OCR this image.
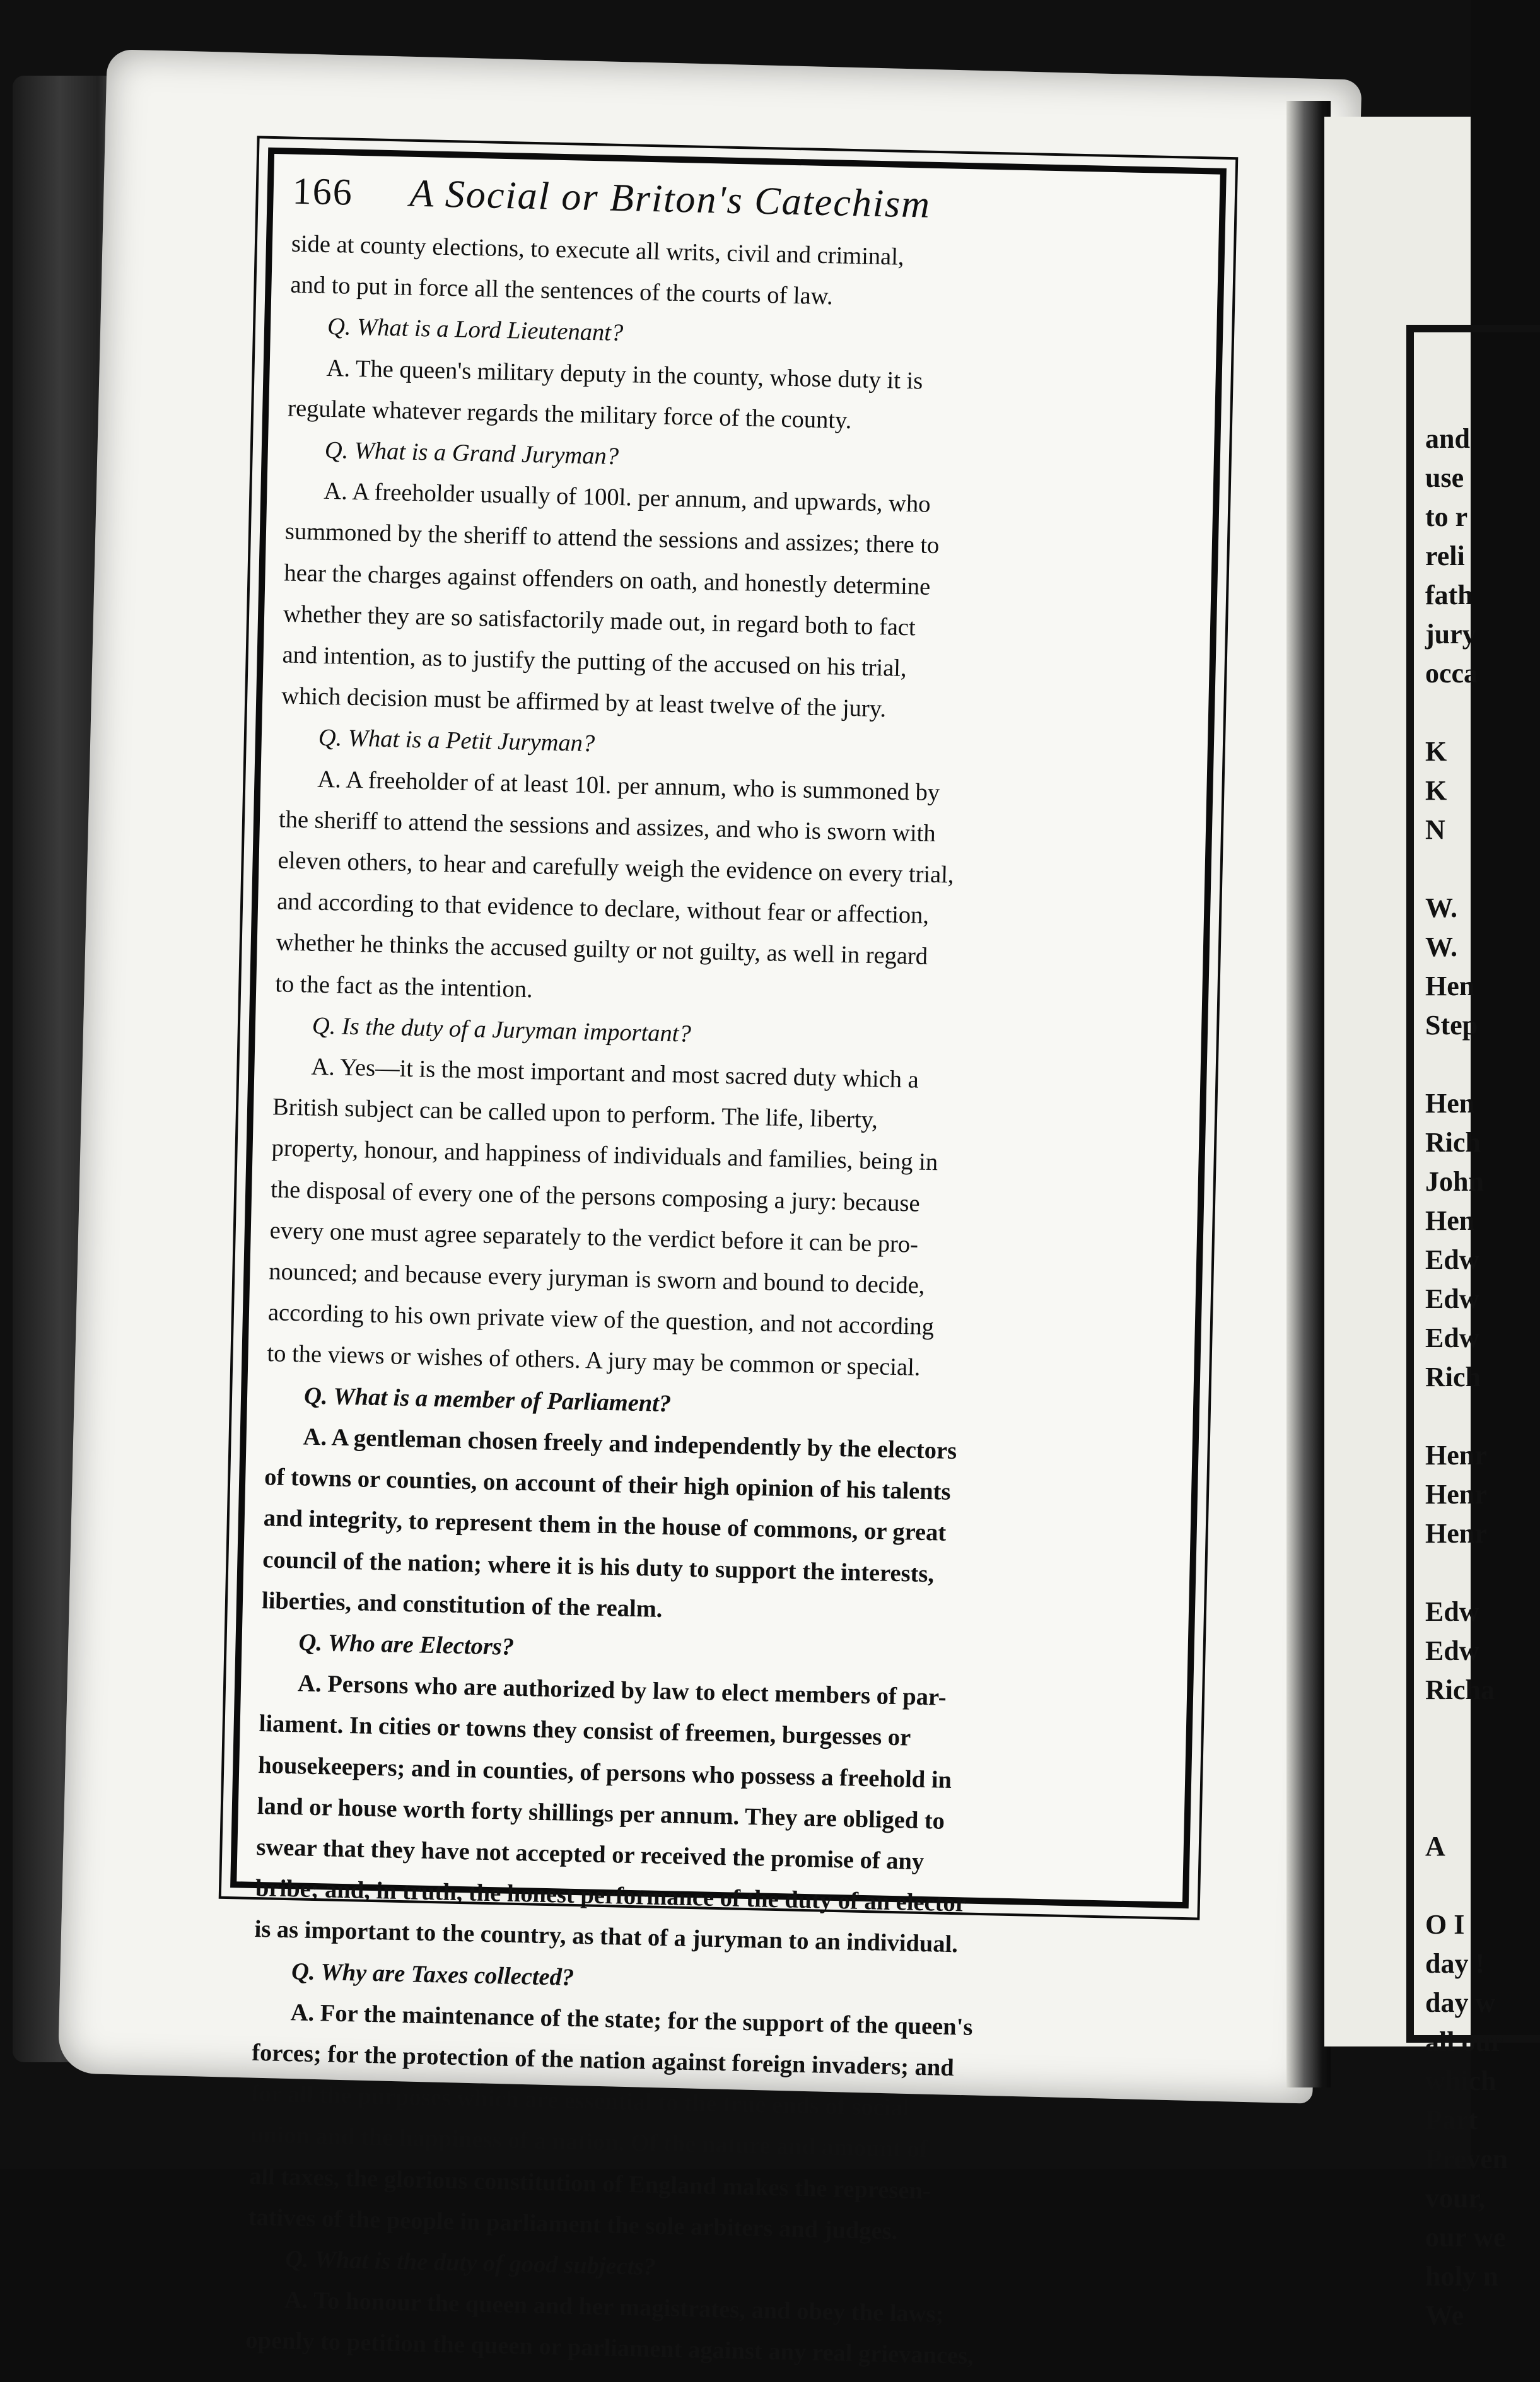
and
use
to r
reli
fath
jury
occa
K
K
N
W.
W.
Hen
Step
Hen
Rich
John
Hen
Edw
Edw
Edw
Rich
Henr
Henr
Henr
Edw
Edw
Richa
A
O I
day !
day w
all our
which
Part
Preven
vour,
our we
holy n
We
166 A Social or Briton's Catechism

side at county elections, to execute all writs, civil and criminal,

and to put in force all the sentences of the courts of law.

Q. What is a Lord Lieutenant?

A. The queen's military deputy in the county, whose duty it is

regulate whatever regards the military force of the county.

Q. What is a Grand Juryman?

A. A freeholder usually of 100l. per annum, and upwards, who

summoned by the sheriff to attend the sessions and assizes; there to

hear the charges against offenders on oath, and honestly determine

whether they are so satisfactorily made out, in regard both to fact

and intention, as to justify the putting of the accused on his trial,

which decision must be affirmed by at least twelve of the jury.

Q. What is a Petit Juryman?

A. A freeholder of at least 10l. per annum, who is summoned by

the sheriff to attend the sessions and assizes, and who is sworn with

eleven others, to hear and carefully weigh the evidence on every trial,

and according to that evidence to declare, without fear or affection,

whether he thinks the accused guilty or not guilty, as well in regard

to the fact as the intention.

Q. Is the duty of a Juryman important?

A. Yes—it is the most important and most sacred duty which a

British subject can be called upon to perform. The life, liberty,

property, honour, and happiness of individuals and families, being in

the disposal of every one of the persons composing a jury: because

every one must agree separately to the verdict before it can be pro-

nounced; and because every juryman is sworn and bound to decide,

according to his own private view of the question, and not according

to the views or wishes of others. A jury may be common or special.

Q. What is a member of Parliament?

A. A gentleman chosen freely and independently by the electors

of towns or counties, on account of their high opinion of his talents

and integrity, to represent them in the house of commons, or great

council of the nation; where it is his duty to support the interests,

liberties, and constitution of the realm.

Q. Who are Electors?

A. Persons who are authorized by law to elect members of par-

liament. In cities or towns they consist of freemen, burgesses or

housekeepers; and in counties, of persons who possess a freehold in

land or house worth forty shillings per annum. They are obliged to

swear that they have not accepted or received the promise of any

bribe; and, in truth, the honest performance of the duty of an elector

is as important to the country, as that of a juryman to an individual.

Q. Why are Taxes collected?

A. For the maintenance of the state; for the support of the queen's

forces; for the protection of the nation against foreign invaders; and

for all the purposes which are essential to the true ends of social

union and the happiness of a nation. Of the nature and amount of

all taxes, the glorious constitution of England makes the represen-

tatives of the people in parliament the sole arbiters and judges.

Q. What is the duty of good subjects?

A. To honour the queen and her magistrates, and obey the laws;

openly to petition the queen or parliament against any real grievances,
